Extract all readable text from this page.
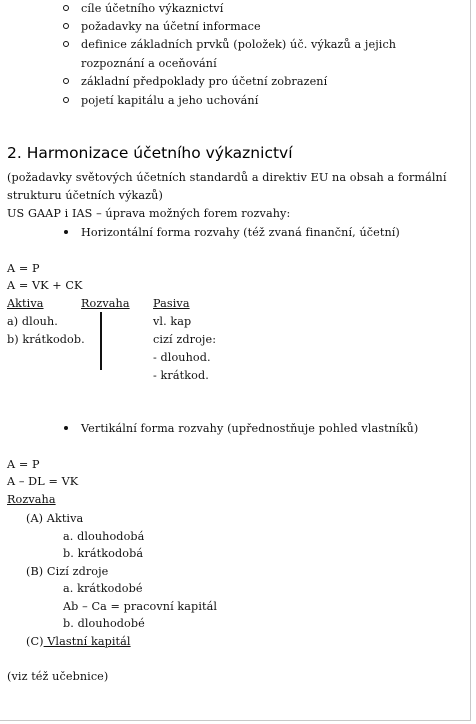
cíle účetního výkaznictví
požadavky na účetní informace
definice základních prvků (položek) úč. výkazů a jejich
rozpoznání a oceňování
základní předpoklady pro účetní zobrazení
pojetí kapitálu a jeho uchování
2. Harmonizace účetního výkaznictví
(požadavky světových účetních standardů a direktiv EU na obsah a formální
strukturu účetních výkazů)
US GAAP i IAS – úprava možných forem rozvahy:
Horizontální forma rozvahy (též zvaná finanční, účetní)
A = P
A = VK + CK
Aktiva	Rozvaha	Pasiva
a) dlouh.
b) krátkodob.
vl. kap
cizí zdroje:
- dlouhod.
- krátkod.
Vertikální forma rozvahy (upřednostňuje pohled vlastníků)
A = P
A – DL = VK
Rozvaha
(A) Aktiva
a. dlouhodobá
b. krátkodobá
(B) Cizí zdroje
a. krátkodobé
Ab – Ca = pracovní kapitál
b. dlouhodobé
(C) Vlastní kapitál
(viz též učebnice)
